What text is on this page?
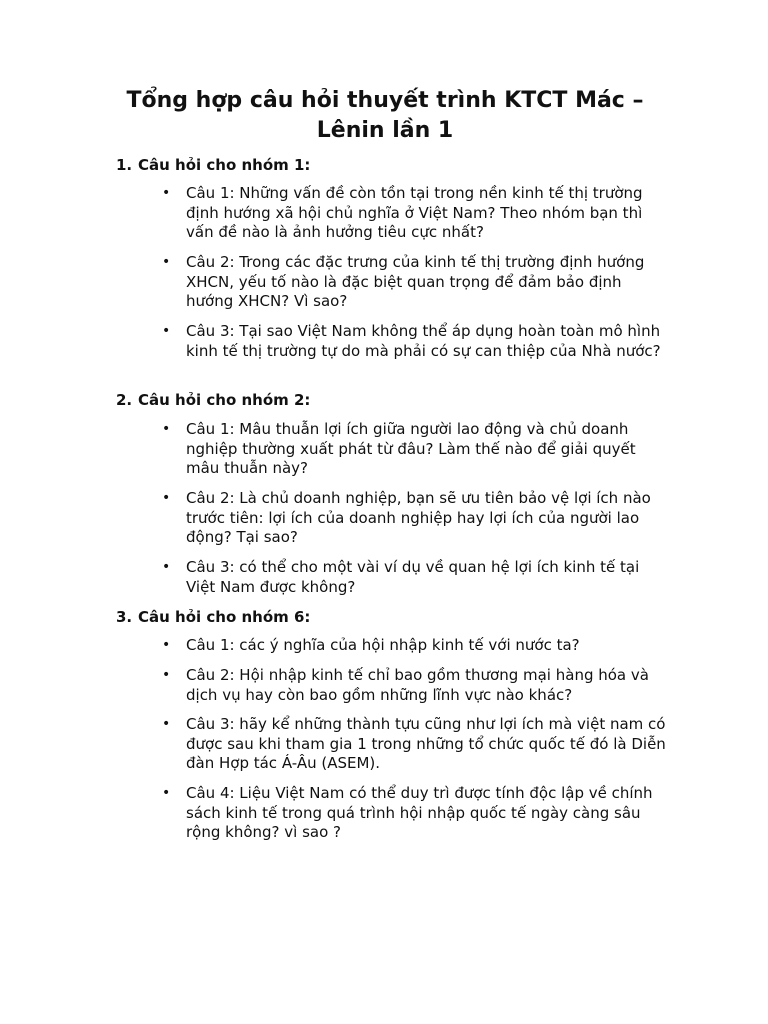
Tổng hợp câu hỏi thuyết trình KTCT Mác – Lênin lần 1
1. Câu hỏi cho nhóm 1:
• Câu 1: Những vấn đề còn tồn tại trong nền kinh tế thị trường định hướng xã hội chủ nghĩa ở Việt Nam? Theo nhóm bạn thì vấn đề nào là ảnh hưởng tiêu cực nhất?
• Câu 2: Trong các đặc trưng của kinh tế thị trường định hướng XHCN, yếu tố nào là đặc biệt quan trọng để đảm bảo định hướng XHCN? Vì sao?
• Câu 3: Tại sao Việt Nam không thể áp dụng hoàn toàn mô hình kinh tế thị trường tự do mà phải có sự can thiệp của Nhà nước?
2. Câu hỏi cho nhóm 2:
• Câu 1: Mâu thuẫn lợi ích giữa người lao động và chủ doanh nghiệp thường xuất phát từ đâu? Làm thế nào để giải quyết mâu thuẫn này?
• Câu 2: Là chủ doanh nghiệp, bạn sẽ ưu tiên bảo vệ lợi ích nào trước tiên: lợi ích của doanh nghiệp hay lợi ích của người lao động? Tại sao?
• Câu 3: có thể cho một vài ví dụ về quan hệ lợi ích kinh tế tại Việt Nam được không?
3. Câu hỏi cho nhóm 6:
• Câu 1: các ý nghĩa của hội nhập kinh tế với nước ta?
• Câu 2: Hội nhập kinh tế chỉ bao gồm thương mại hàng hóa và dịch vụ hay còn bao gồm những lĩnh vực nào khác?
• Câu 3: hãy kể những thành tựu cũng như lợi ích mà việt nam có được sau khi tham gia 1 trong những tổ chức quốc tế đó là Diễn đàn Hợp tác Á-Âu (ASEM).
• Câu 4: Liệu Việt Nam có thể duy trì được tính độc lập về chính sách kinh tế trong quá trình hội nhập quốc tế ngày càng sâu rộng không? vì sao ?
